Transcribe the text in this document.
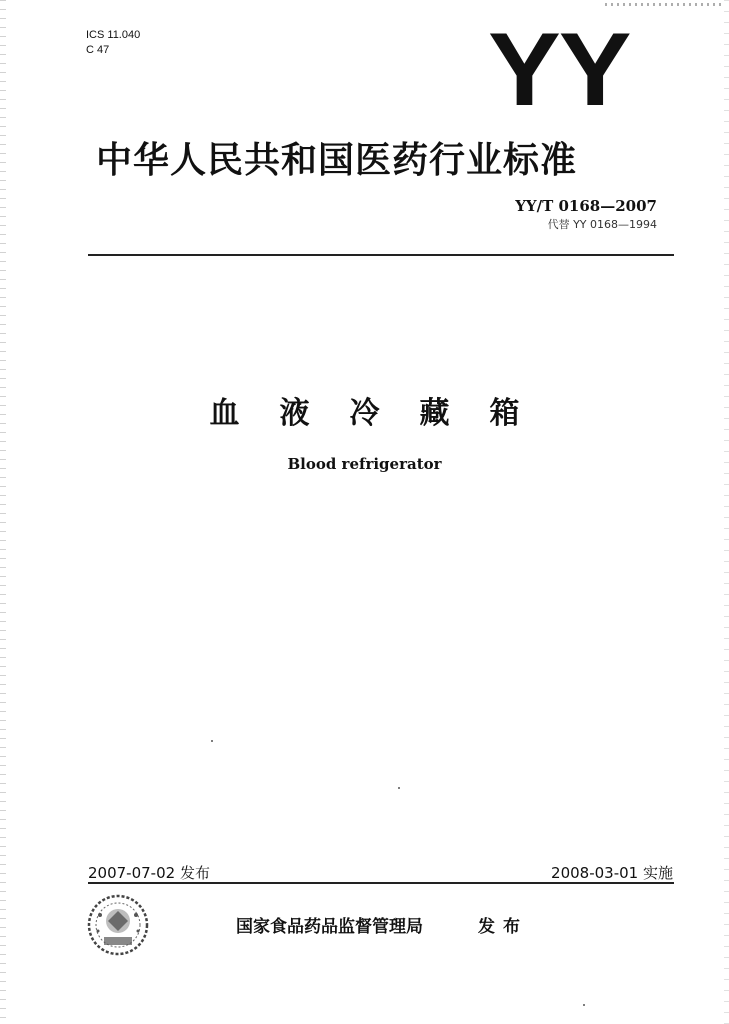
ICS 11.040
C 47	YY
中华人民共和国医药行业标准
YY/T 0168—2007
代替 YY 0168—1994
血液冷藏箱
Blood refrigerator
2007-07-02 发布	2008-03-01 实施
国家食品药品监督管理局	发布
